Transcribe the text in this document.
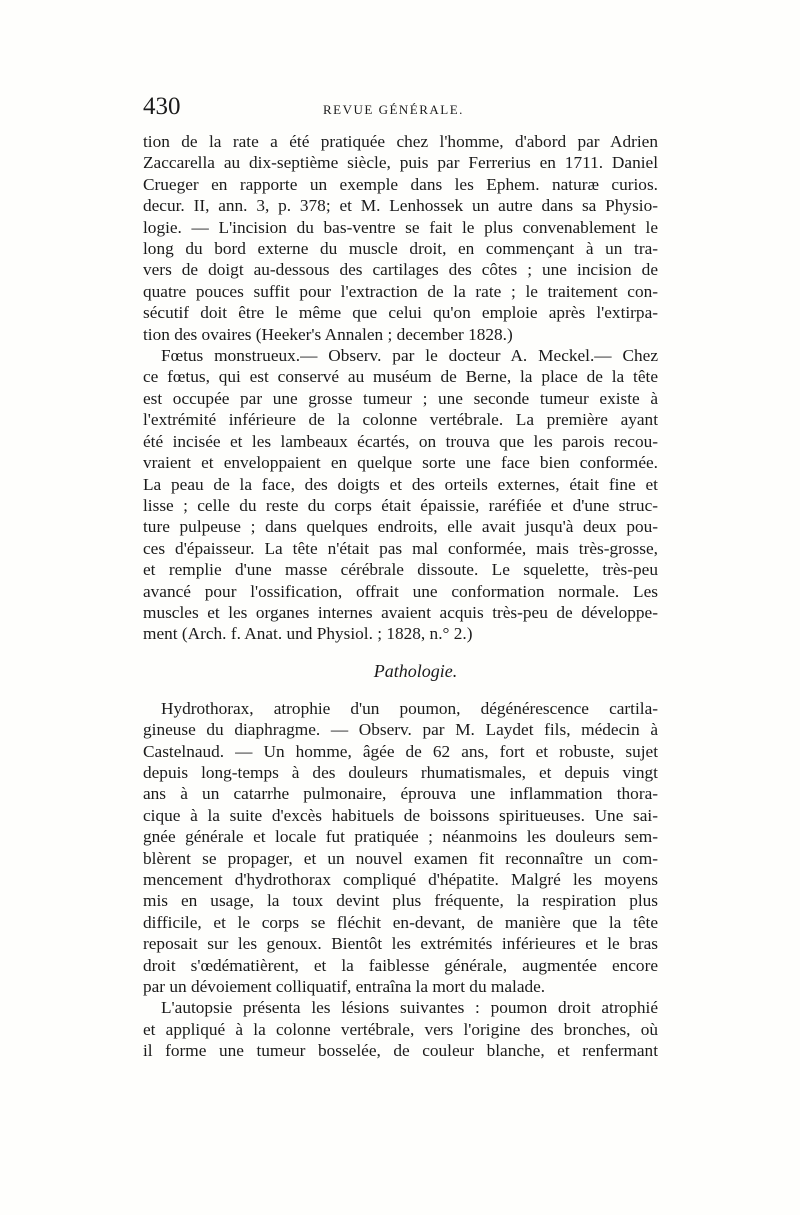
430	REVUE GÉNÉRALE.
tion de la rate a été pratiquée chez l'homme, d'abord par Adrien
Zaccarella au dix-septième siècle, puis par Ferrerius en 1711. Daniel
Crueger en rapporte un exemple dans les Ephem. naturæ curios.
decur. II, ann. 3, p. 378; et M. Lenhossek un autre dans sa Physio-
logie. — L'incision du bas-ventre se fait le plus convenablement le
long du bord externe du muscle droit, en commençant à un tra-
vers de doigt au-dessous des cartilages des côtes ; une incision de
quatre pouces suffit pour l'extraction de la rate ; le traitement con-
sécutif doit être le même que celui qu'on emploie après l'extirpa-
tion des ovaires (Heeker's Annalen ; december 1828.)
Fœtus monstrueux.— Observ. par le docteur A. Meckel.— Chez
ce fœtus, qui est conservé au muséum de Berne, la place de la tête
est occupée par une grosse tumeur ; une seconde tumeur existe à
l'extrémité inférieure de la colonne vertébrale. La première ayant
été incisée et les lambeaux écartés, on trouva que les parois recou-
vraient et enveloppaient en quelque sorte une face bien conformée.
La peau de la face, des doigts et des orteils externes, était fine et
lisse ; celle du reste du corps était épaissie, raréfiée et d'une struc-
ture pulpeuse ; dans quelques endroits, elle avait jusqu'à deux pou-
ces d'épaisseur. La tête n'était pas mal conformée, mais très-grosse,
et remplie d'une masse cérébrale dissoute. Le squelette, très-peu
avancé pour l'ossification, offrait une conformation normale. Les
muscles et les organes internes avaient acquis très-peu de développe-
ment (Arch. f. Anat. und Physiol. ; 1828, n.° 2.)
Pathologie.
Hydrothorax, atrophie d'un poumon, dégénérescence cartila-
gineuse du diaphragme. — Observ. par M. Laydet fils, médecin à
Castelnaud. — Un homme, âgée de 62 ans, fort et robuste, sujet
depuis long-temps à des douleurs rhumatismales, et depuis vingt
ans à un catarrhe pulmonaire, éprouva une inflammation thora-
cique à la suite d'excès habituels de boissons spiritueuses. Une sai-
gnée générale et locale fut pratiquée ; néanmoins les douleurs sem-
blèrent se propager, et un nouvel examen fit reconnaître un com-
mencement d'hydrothorax compliqué d'hépatite. Malgré les moyens
mis en usage, la toux devint plus fréquente, la respiration plus
difficile, et le corps se fléchit en-devant, de manière que la tête
reposait sur les genoux. Bientôt les extrémités inférieures et le bras
droit s'œdématièrent, et la faiblesse générale, augmentée encore
par un dévoiement colliquatif, entraîna la mort du malade.
L'autopsie présenta les lésions suivantes : poumon droit atrophié
et appliqué à la colonne vertébrale, vers l'origine des bronches, où
il forme une tumeur bosselée, de couleur blanche, et renfermant
